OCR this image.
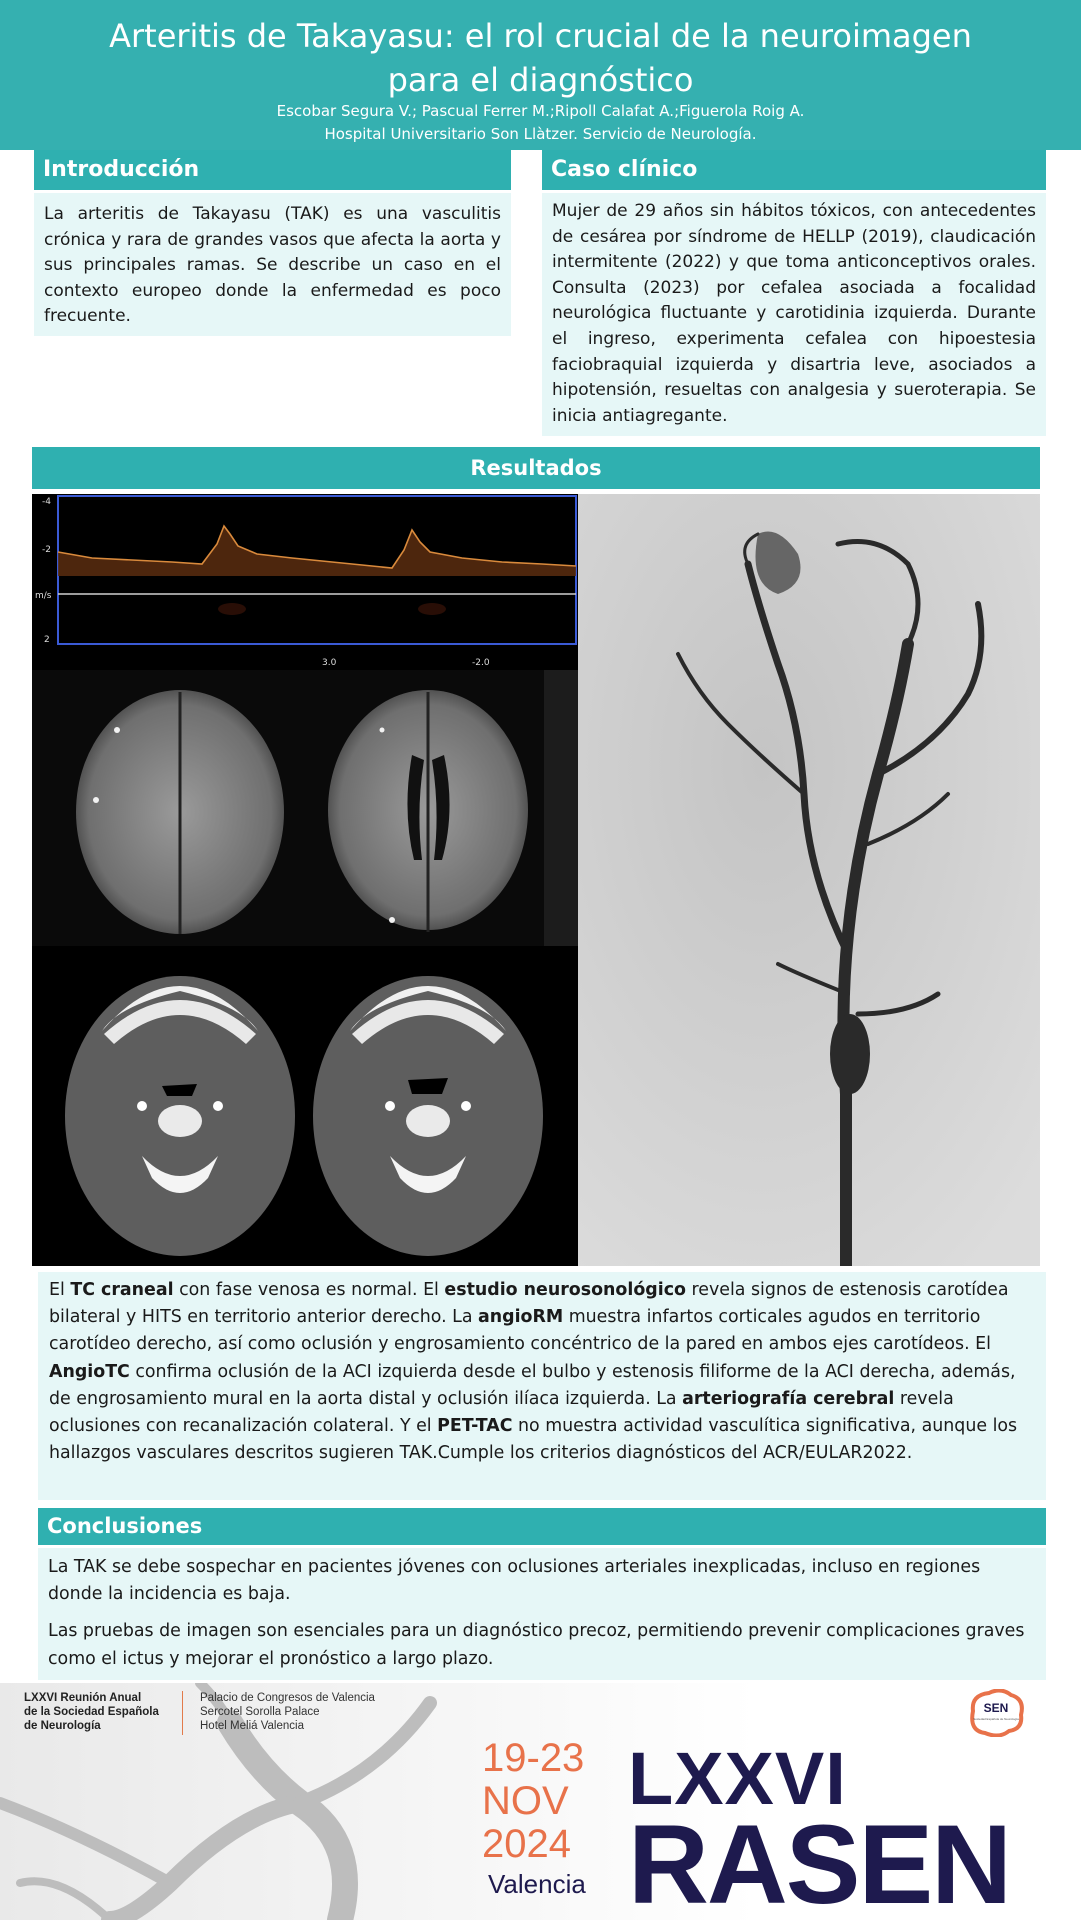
Arteritis de Takayasu: el rol crucial de la neuroimagen para el diagnóstico
Escobar Segura V.; Pascual Ferrer M.;Ripoll Calafat A.;Figuerola Roig A.
Hospital Universitario Son Llàtzer. Servicio de Neurología.
Introducción
La arteritis de Takayasu (TAK) es una vasculitis crónica y rara de grandes vasos que afecta la aorta y sus principales ramas. Se describe un caso en el contexto europeo donde la enfermedad es poco frecuente.
Caso clínico
Mujer de 29 años sin hábitos tóxicos, con antecedentes de cesárea por síndrome de HELLP (2019), claudicación intermitente (2022) y que toma anticonceptivos orales. Consulta (2023) por cefalea asociada a focalidad neurológica fluctuante y carotidinia izquierda. Durante el ingreso, experimenta cefalea con hipoestesia faciobraquial izquierda y disartria leve, asociados a hipotensión, resueltas con analgesia y sueroterapia. Se inicia antiagregante.
Resultados
-4
-2
m/s
2
3.0	-2.0
El TC craneal con fase venosa es normal. El estudio neurosonológico revela signos de estenosis carotídea bilateral y HITS en territorio anterior derecho. La angioRM muestra infartos corticales agudos en territorio carotídeo derecho, así como oclusión y engrosamiento concéntrico de la pared en ambos ejes carotídeos. El AngioTC confirma oclusión de la ACI izquierda desde el bulbo y estenosis filiforme de la ACI derecha, además, de engrosamiento mural en la aorta distal y oclusión ilíaca izquierda. La arteriografía cerebral revela oclusiones con recanalización colateral. Y el PET-TAC no muestra actividad vasculítica significativa, aunque los hallazgos vasculares descritos sugieren TAK.Cumple los criterios diagnósticos del ACR/EULAR2022.
Conclusiones

La TAK se debe sospechar en pacientes jóvenes con oclusiones arteriales inexplicadas, incluso en regiones donde la incidencia es baja.

Las pruebas de imagen son esenciales para un diagnóstico precoz, permitiendo prevenir complicaciones graves como el ictus y mejorar el pronóstico a largo plazo.

LXXVI Reunión Anual
de la Sociedad Española
de Neurología
Palacio de Congresos de Valencia
Sercotel Sorolla Palace
Hotel Meliá Valencia
19-23
NOV
2024
Valencia
LXXVI
RASEN
SEN
Sociedad Española de Neurología
